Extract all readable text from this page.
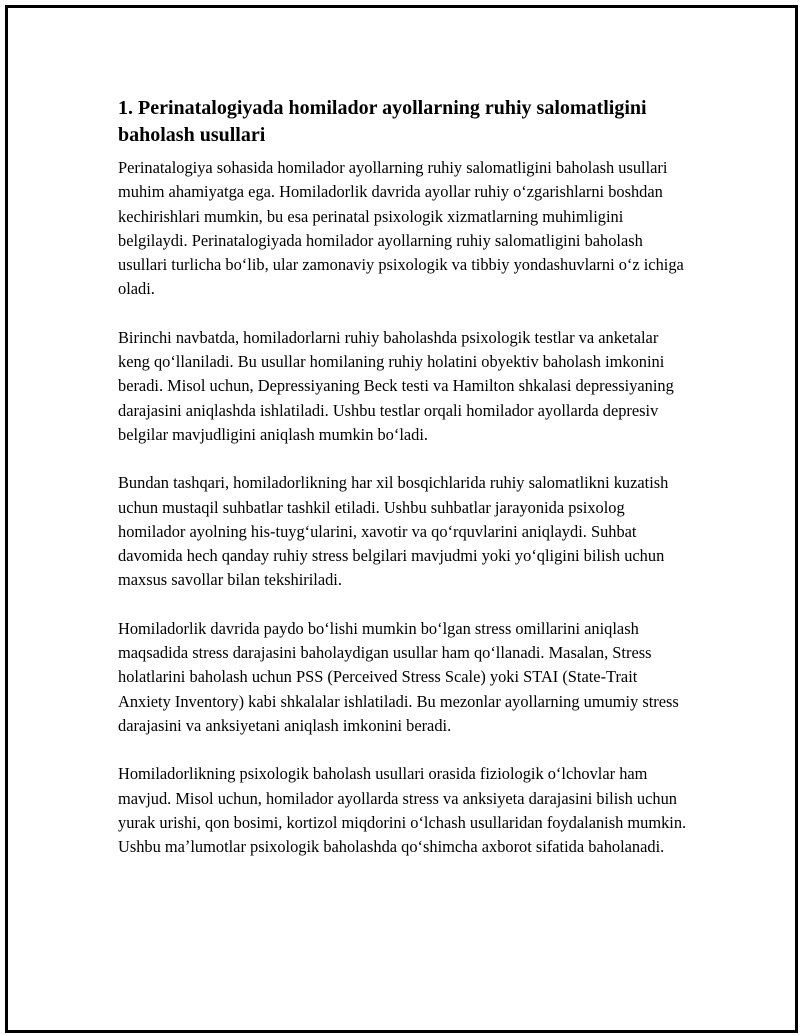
1. Perinatalogiyada homilador ayollarning ruhiy salomatligini baholash usullari

Perinatalogiya sohasida homilador ayollarning ruhiy salomatligini baholash usullari muhim ahamiyatga ega. Homiladorlik davrida ayollar ruhiy oʻzgarishlarni boshdan kechirishlari mumkin, bu esa perinatal psixologik xizmatlarning muhimligini belgilaydi. Perinatalogiyada homilador ayollarning ruhiy salomatligini baholash usullari turlicha boʻlib, ular zamonaviy psixologik va tibbiy yondashuvlarni oʻz ichiga oladi.

Birinchi navbatda, homiladorlarni ruhiy baholashda psixologik testlar va anketalar keng qoʻllaniladi. Bu usullar homilaning ruhiy holatini obyektiv baholash imkonini beradi. Misol uchun, Depressiyaning Beck testi va Hamilton shkalasi depressiyaning darajasini aniqlashda ishlatiladi. Ushbu testlar orqali homilador ayollarda depresiv belgilar mavjudligini aniqlash mumkin boʻladi.

Bundan tashqari, homiladorlikning har xil bosqichlarida ruhiy salomatlikni kuzatish uchun mustaqil suhbatlar tashkil etiladi. Ushbu suhbatlar jarayonida psixolog homilador ayolning his-tuygʻularini, xavotir va qoʻrquvlarini aniqlaydi. Suhbat davomida hech qanday ruhiy stress belgilari mavjudmi yoki yoʻqligini bilish uchun maxsus savollar bilan tekshiriladi.

Homiladorlik davrida paydo boʻlishi mumkin boʻlgan stress omillarini aniqlash maqsadida stress darajasini baholaydigan usullar ham qoʻllanadi. Masalan, Stress holatlarini baholash uchun PSS (Perceived Stress Scale) yoki STAI (State-Trait Anxiety Inventory) kabi shkalalar ishlatiladi. Bu mezonlar ayollarning umumiy stress darajasini va anksiyetani aniqlash imkonini beradi.

Homiladorlikning psixologik baholash usullari orasida fiziologik oʻlchovlar ham mavjud. Misol uchun, homilador ayollarda stress va anksiyeta darajasini bilish uchun yurak urishi, qon bosimi, kortizol miqdorini oʻlchash usullaridan foydalanish mumkin. Ushbu maʼlumotlar psixologik baholashda qoʻshimcha axborot sifatida baholanadi.
